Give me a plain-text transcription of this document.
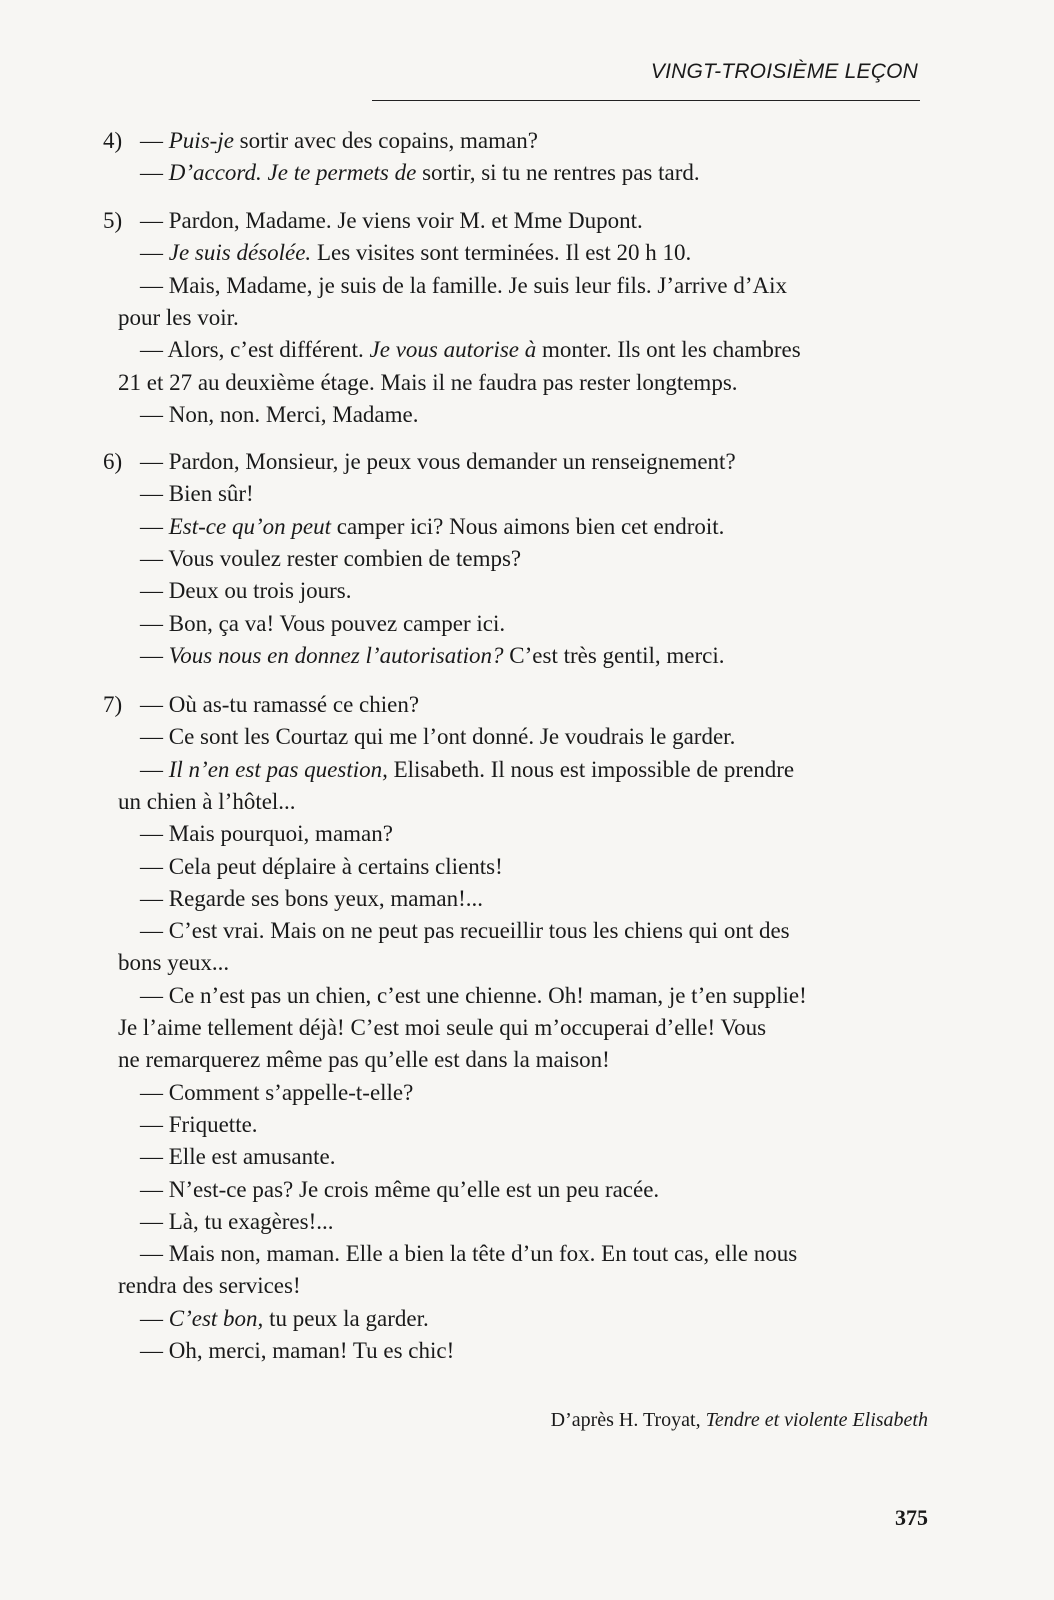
VINGT-TROISIÈME LEÇON
4) — Puis-je sortir avec des copains, maman?
— D’accord. Je te permets de sortir, si tu ne rentres pas tard.
5) — Pardon, Madame. Je viens voir M. et Mme Dupont.
— Je suis désolée. Les visites sont terminées. Il est 20 h 10.
— Mais, Madame, je suis de la famille. Je suis leur fils. J’arrive d’Aix
pour les voir.
— Alors, c’est différent. Je vous autorise à monter. Ils ont les chambres
21 et 27 au deuxième étage. Mais il ne faudra pas rester longtemps.
— Non, non. Merci, Madame.
6) — Pardon, Monsieur, je peux vous demander un renseignement?
— Bien sûr!
— Est-ce qu’on peut camper ici? Nous aimons bien cet endroit.
— Vous voulez rester combien de temps?
— Deux ou trois jours.
— Bon, ça va! Vous pouvez camper ici.
— Vous nous en donnez l’autorisation? C’est très gentil, merci.
7) — Où as-tu ramassé ce chien?
— Ce sont les Courtaz qui me l’ont donné. Je voudrais le garder.
— Il n’en est pas question, Elisabeth. Il nous est impossible de prendre
un chien à l’hôtel...
— Mais pourquoi, maman?
— Cela peut déplaire à certains clients!
— Regarde ses bons yeux, maman!...
— C’est vrai. Mais on ne peut pas recueillir tous les chiens qui ont des
bons yeux...
— Ce n’est pas un chien, c’est une chienne. Oh! maman, je t’en supplie!
Je l’aime tellement déjà! C’est moi seule qui m’occuperai d’elle! Vous
ne remarquerez même pas qu’elle est dans la maison!
— Comment s’appelle-t-elle?
— Friquette.
— Elle est amusante.
— N’est-ce pas? Je crois même qu’elle est un peu racée.
— Là, tu exagères!...
— Mais non, maman. Elle a bien la tête d’un fox. En tout cas, elle nous
rendra des services!
— C’est bon, tu peux la garder.
— Oh, merci, maman! Tu es chic!
D’après H. Troyat, Tendre et violente Elisabeth
375
